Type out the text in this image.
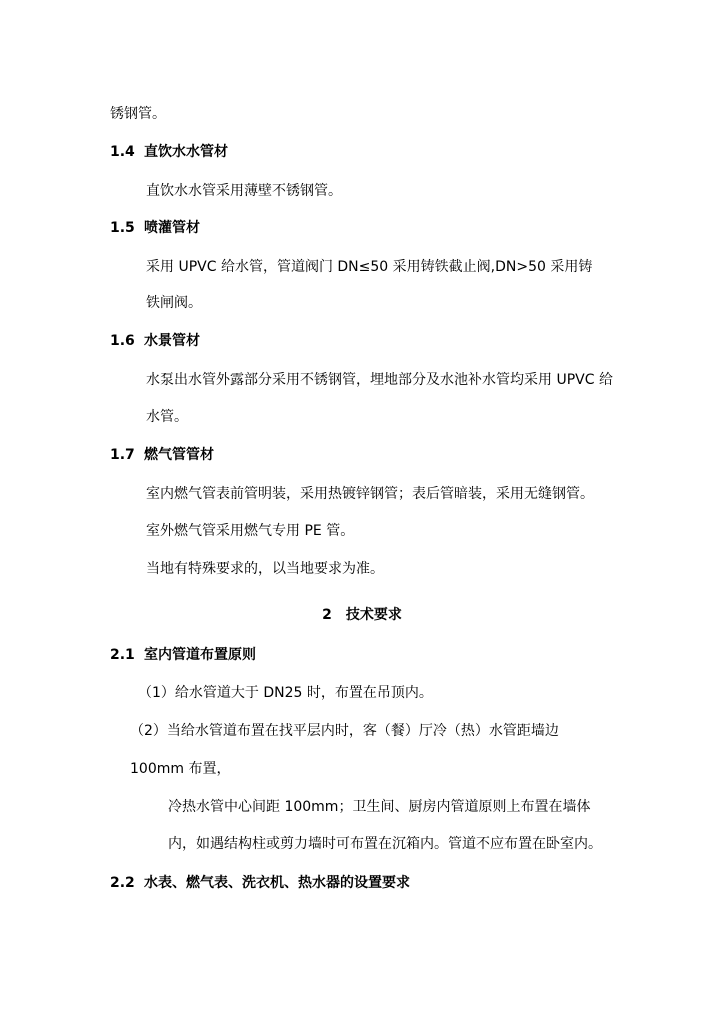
锈钢管。
1.4 直饮水水管材
直饮水水管采用薄壁不锈钢管。
1.5 喷灌管材
采用 UPVC 给水管，管道阀门 DN≤50 采用铸铁截止阀,DN>50 采用铸
铁闸阀。
1.6 水景管材
水泵出水管外露部分采用不锈钢管，埋地部分及水池补水管均采用 UPVC 给
水管。
1.7 燃气管管材
室内燃气管表前管明装，采用热镀锌钢管；表后管暗装，采用无缝钢管。
室外燃气管采用燃气专用 PE 管。
当地有特殊要求的，以当地要求为准。
2 技术要求
2.1 室内管道布置原则
（1）给水管道大于 DN25 时，布置在吊顶内。
（2）当给水管道布置在找平层内时，客（餐）厅冷（热）水管距墙边
100mm 布置，
冷热水管中心间距 100mm；卫生间、厨房内管道原则上布置在墙体
内，如遇结构柱或剪力墙时可布置在沉箱内。管道不应布置在卧室内。
2.2 水表、燃气表、洗衣机、热水器的设置要求
